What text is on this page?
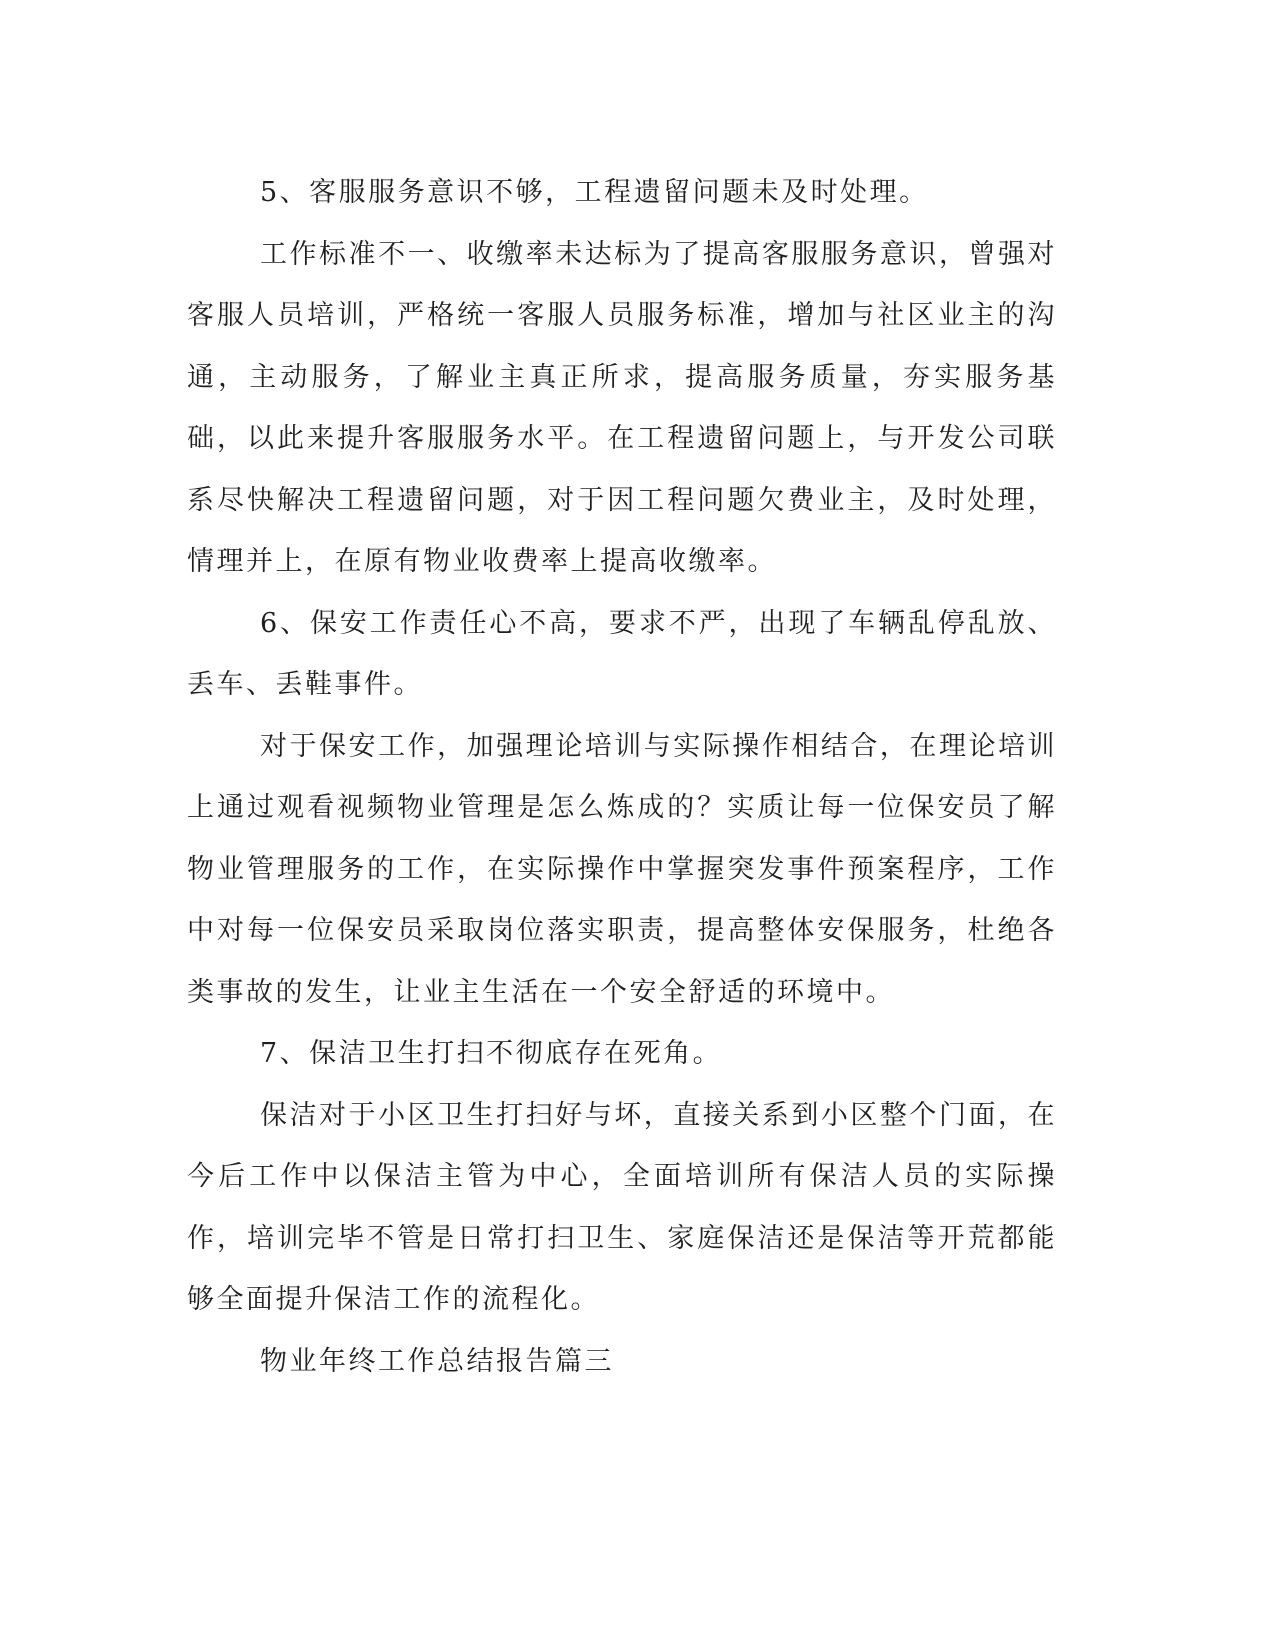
5、客服服务意识不够，工程遗留问题未及时处理。

工作标准不一、收缴率未达标为了提高客服服务意识，曾强对客服人员培训，严格统一客服人员服务标准，增加与社区业主的沟通，主动服务，了解业主真正所求，提高服务质量，夯实服务基础，以此来提升客服服务水平。在工程遗留问题上，与开发公司联系尽快解决工程遗留问题，对于因工程问题欠费业主，及时处理，情理并上，在原有物业收费率上提高收缴率。

6、保安工作责任心不高，要求不严，出现了车辆乱停乱放、丢车、丢鞋事件。

对于保安工作，加强理论培训与实际操作相结合，在理论培训上通过观看视频物业管理是怎么炼成的？实质让每一位保安员了解物业管理服务的工作，在实际操作中掌握突发事件预案程序，工作中对每一位保安员采取岗位落实职责，提高整体安保服务，杜绝各类事故的发生，让业主生活在一个安全舒适的环境中。

7、保洁卫生打扫不彻底存在死角。

保洁对于小区卫生打扫好与坏，直接关系到小区整个门面，在今后工作中以保洁主管为中心，全面培训所有保洁人员的实际操作，培训完毕不管是日常打扫卫生、家庭保洁还是保洁等开荒都能够全面提升保洁工作的流程化。

物业年终工作总结报告篇三
